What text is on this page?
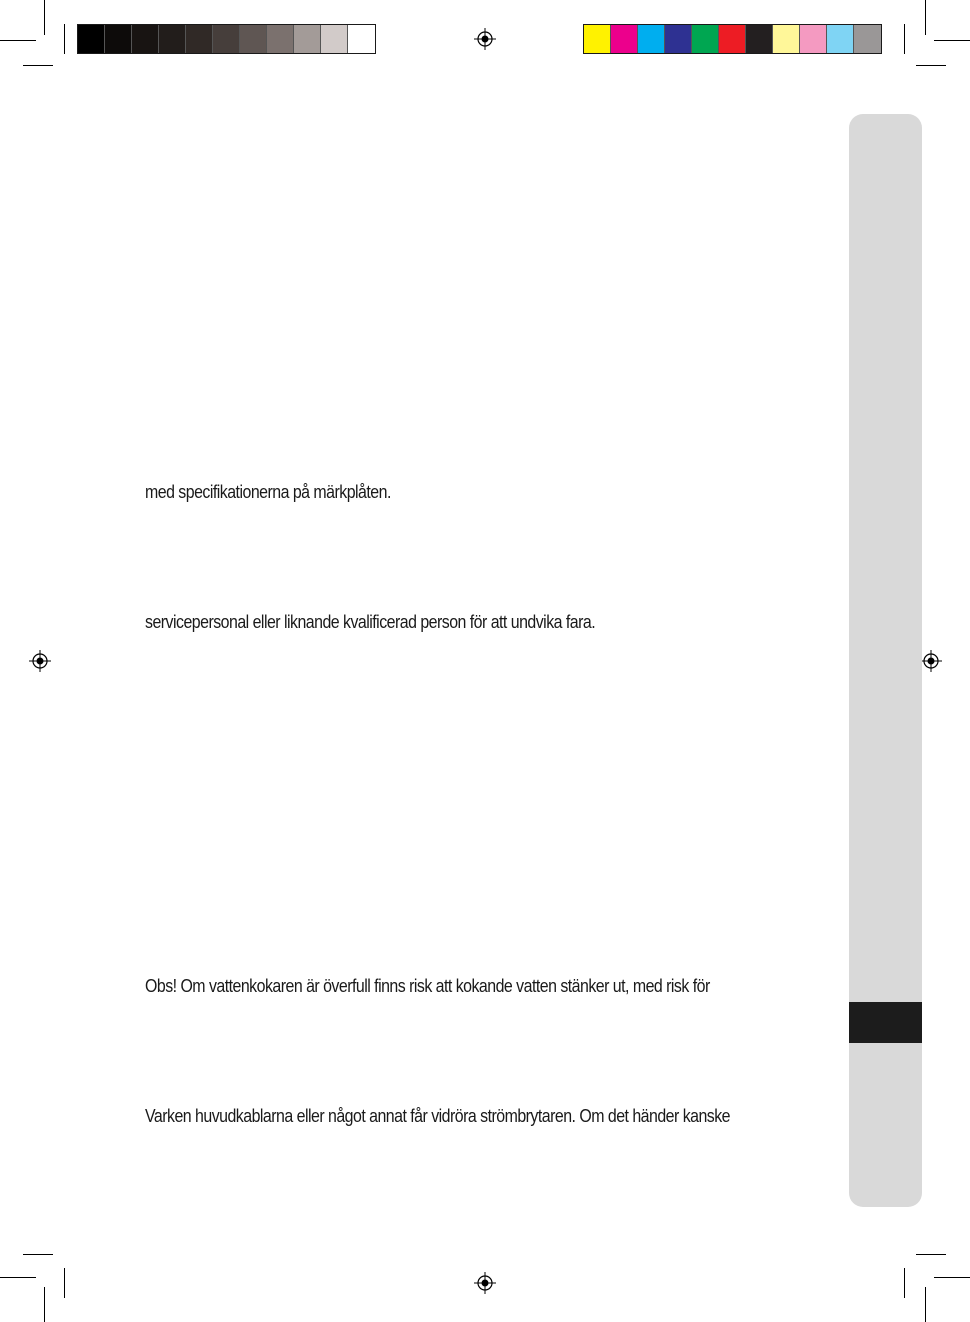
med specifikationerna på märkplåten.
servicepersonal eller liknande kvalificerad person för att undvika fara.
Obs! Om vattenkokaren är överfull finns risk att kokande vatten stänker ut, med risk för
Varken huvudkablarna eller något annat får vidröra strömbrytaren. Om det händer kanske
